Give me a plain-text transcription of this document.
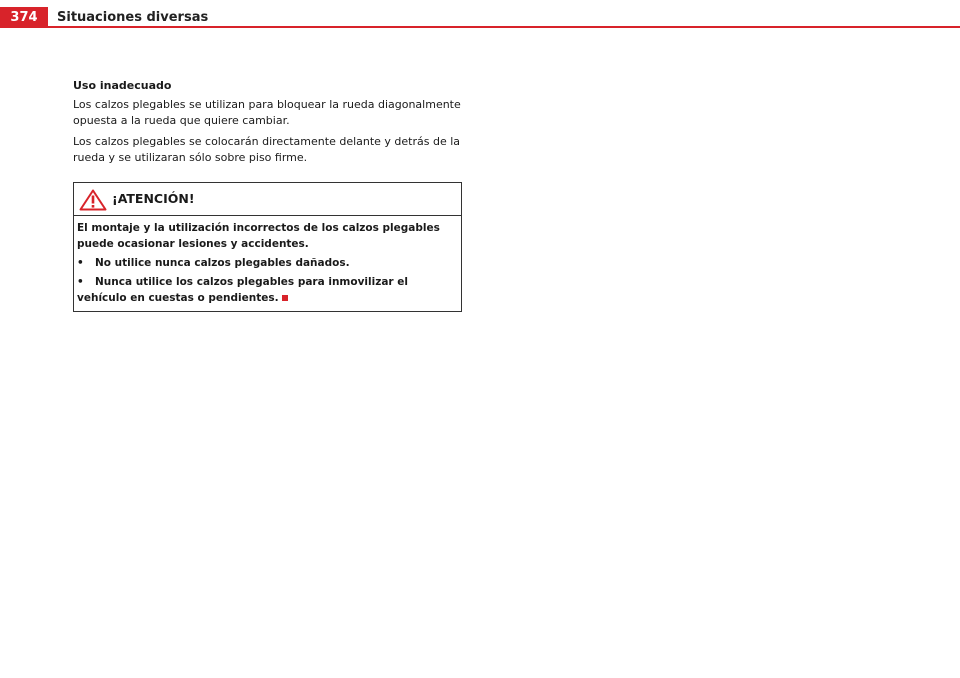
374	Situaciones diversas
Uso inadecuado

Los calzos plegables se utilizan para bloquear la rueda diagonalmente opuesta a la rueda que quiere cambiar.

Los calzos plegables se colocarán directamente delante y detrás de la rueda y se utilizaran sólo sobre piso firme.

¡ATENCIÓN!

El montaje y la utilización incorrectos de los calzos plegables puede ocasionar lesiones y accidentes.

• No utilice nunca calzos plegables dañados.

• Nunca utilice los calzos plegables para inmovilizar el vehículo en cuestas o pendientes.
